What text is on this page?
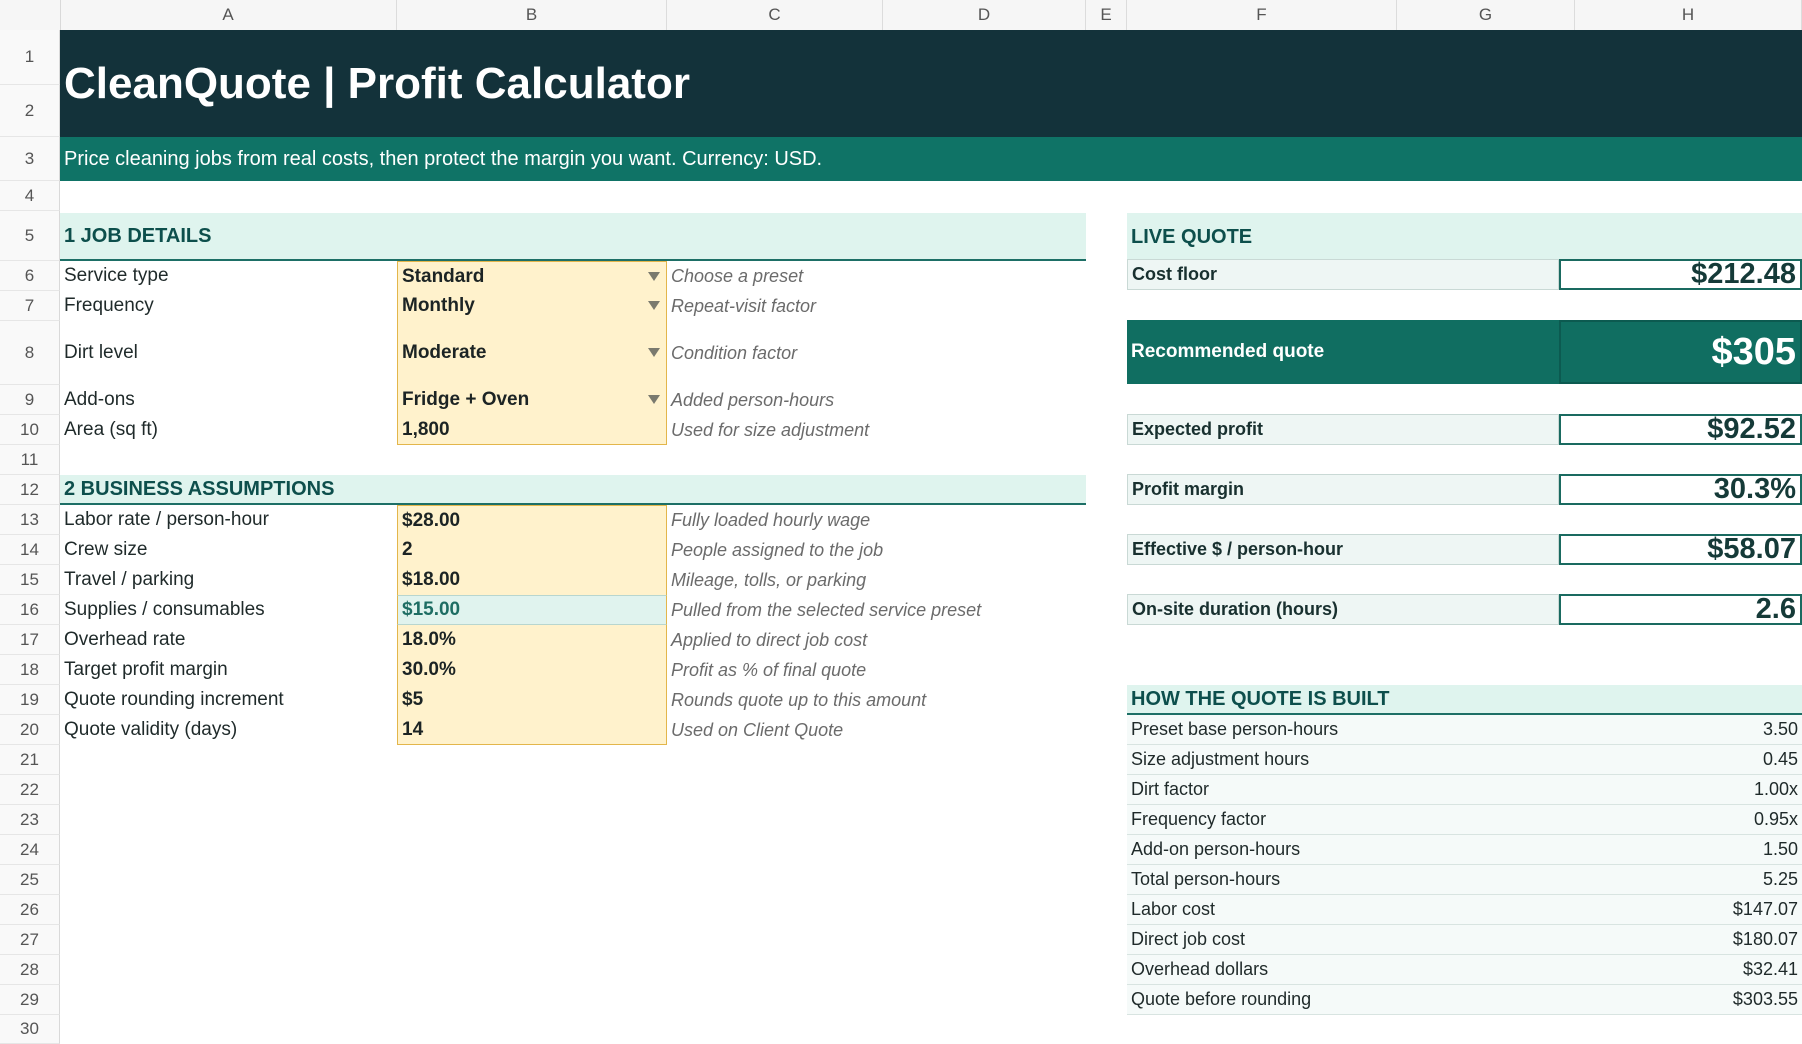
A	B	C	D	E	F	G	H
1
2
3
4
5
6
7
8
9
10
11
12
13
14
15
16
17
18
19
20
21
22
23
24
25
26
27
28
29
30
CleanQuote | Profit Calculator
Price cleaning jobs from real costs, then protect the margin you want. Currency: USD.
1 JOB DETAILS
Service type	Standard	Choose a preset
Frequency	Monthly	Repeat-visit factor
Dirt level	Moderate	Condition factor
Add-ons	Fridge + Oven	Added person-hours
Area (sq ft)	1,800	Used for size adjustment
2 BUSINESS ASSUMPTIONS
Labor rate / person-hour	$28.00	Fully loaded hourly wage
Crew size	2	People assigned to the job
Travel / parking	$18.00	Mileage, tolls, or parking
Supplies / consumables	$15.00	Pulled from the selected service preset
Overhead rate	18.0%	Applied to direct job cost
Target profit margin	30.0%	Profit as % of final quote
Quote rounding increment	$5	Rounds quote up to this amount
Quote validity (days)	14	Used on Client Quote
LIVE QUOTE
Cost floor	$212.48
Recommended quote	$305
Expected profit	$92.52
Profit margin	30.3%
Effective $ / person-hour	$58.07
On-site duration (hours)	2.6
HOW THE QUOTE IS BUILT
Preset base person-hours	3.50
Size adjustment hours	0.45
Dirt factor	1.00x
Frequency factor	0.95x
Add-on person-hours	1.50
Total person-hours	5.25
Labor cost	$147.07
Direct job cost	$180.07
Overhead dollars	$32.41
Quote before rounding	$303.55
